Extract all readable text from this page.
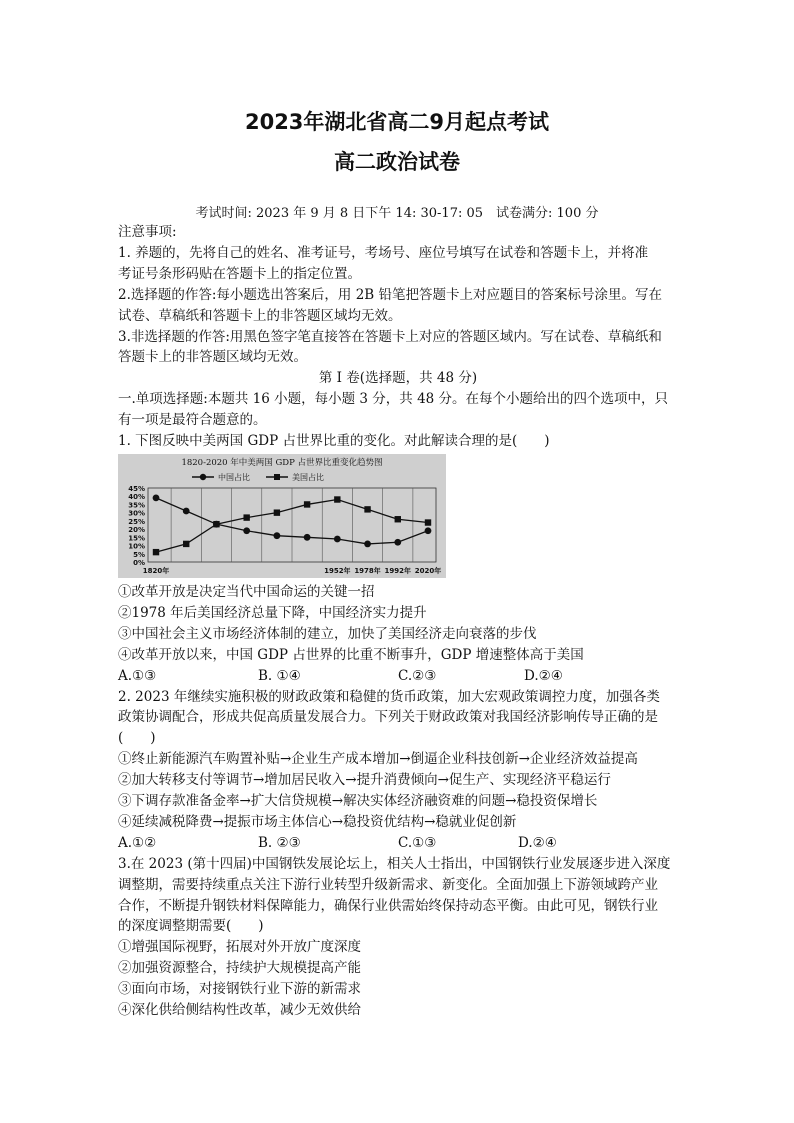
2023年湖北省高二9月起点考试
高二政治试卷
考试时间: 2023 年 9 月 8 日下午 14: 30-17: 05　试卷满分: 100 分
注意事项:
1. 养题的，先将自己的姓名、准考证号，考场号、座位号填写在试卷和答题卡上，并将准
考证号条形码贴在答题卡上的指定位置。
2.选择题的作答:每小题选出答案后，用 2B 铅笔把答题卡上对应题目的答案标号涂里。写在
试卷、草稿纸和答题卡上的非答题区域均无效。
3.非选择题的作答:用黑色签字笔直接答在答题卡上对应的答题区域内。写在试卷、草稿纸和
答题卡上的非答题区域均无效。
第 I 卷(选择题，共 48 分)
一.单项选择题:本题共 16 小题，每小题 3 分，共 48 分。在每个小题给出的四个选项中，只
有一项是最符合题意的。
1. 下图反映中美两国 GDP 占世界比重的变化。对此解读合理的是(　　)
1820-2020 年中美两国 GDP 占世界比重变化趋势图
中国占比	美国占比
0%
5%
10%
15%
20%
25%
30%
35%
40%
45%
1820年	1952年 1978年 1992年 2020年
①改革开放是决定当代中国命运的关键一招
②1978 年后美国经济总量下降，中国经济实力提升
③中国社会主义市场经济体制的建立，加快了美国经济走向衰落的步伐
④改革开放以来，中国 GDP 占世界的比重不断事升，GDP 增速整体高于美国
A.①③	B. ①④	C.②③	D.②④
2. 2023 年继续实施积极的财政政策和稳健的货币政策，加大宏观政策调控力度，加强各类
政策协调配合，形成共促高质量发展合力。下列关于财政政策对我国经济影响传导正确的是
(　　)
①终止新能源汽车购置补贴→企业生产成本增加→倒逼企业科技创新→企业经济效益提高
②加大转移支付等调节→增加居民收入→提升消费倾向→促生产、实现经济平稳运行
③下调存款准备金率→扩大信贷规模→解决实体经济融资难的问题→稳投资保增长
④延续减税降费→提振市场主体信心→稳投资优结构→稳就业促创新
A.①②	B. ②③	C.①③	D.②④
3.在 2023 (第十四届)中国钢铁发展论坛上，相关人士指出，中国钢铁行业发展逐步进入深度
调整期，需要持续重点关注下游行业转型升级新需求、新变化。全面加强上下游领域跨产业
合作，不断提升钢铁材料保障能力，确保行业供需始终保持动态平衡。由此可见，钢铁行业
的深度调整期需要(　　)
①增强国际视野，拓展对外开放广度深度
②加强资源整合，持续护大规模提高产能
③面向市场，对接钢铁行业下游的新需求
④深化供给侧结构性改革，减少无效供给
